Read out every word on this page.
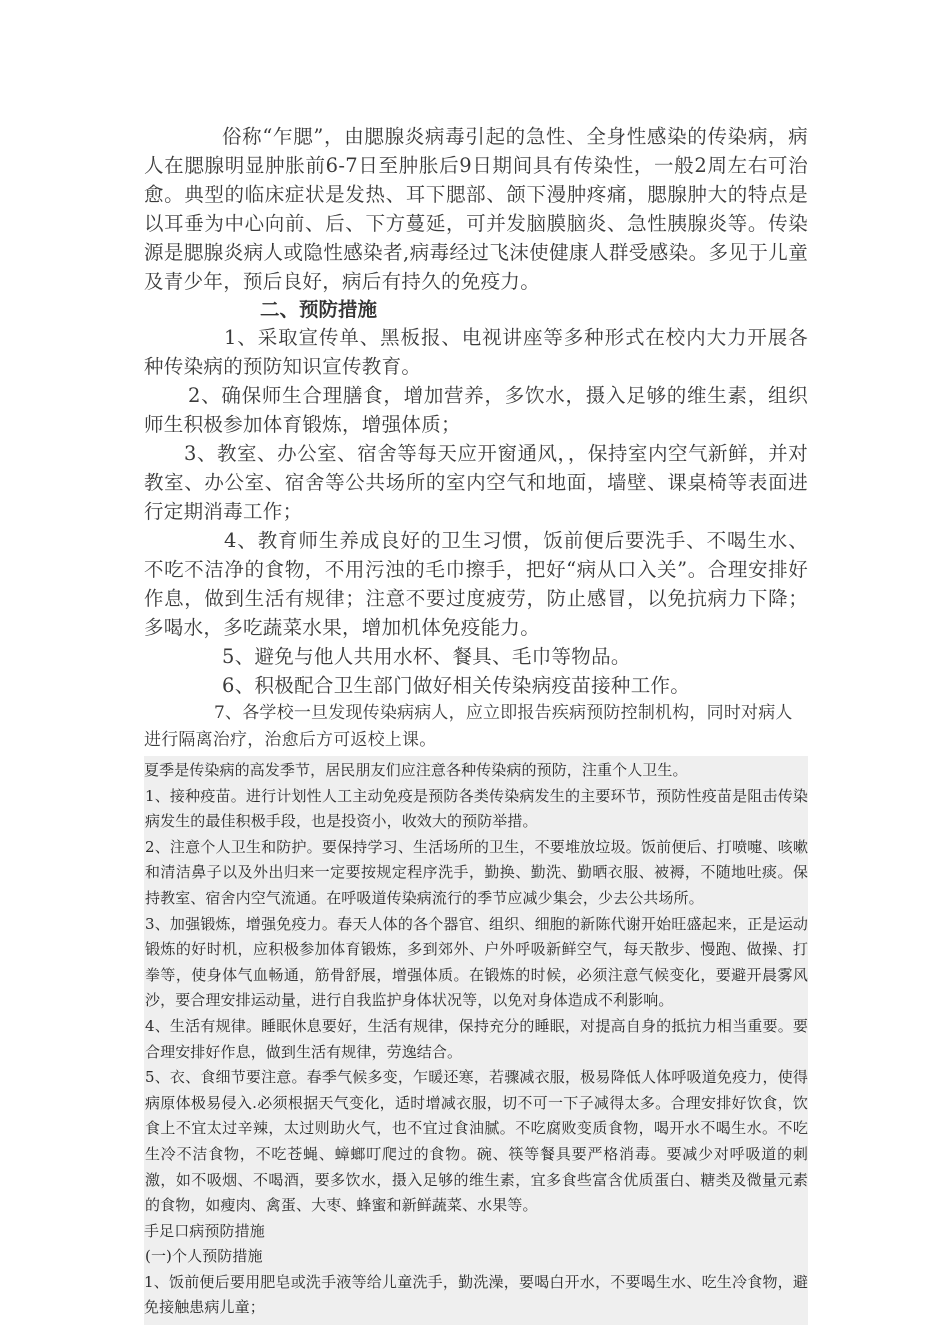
俗称“乍腮”，由腮腺炎病毒引起的急性、全身性感染的传染病，病人在腮腺明显肿胀前6-7日至肿胀后9日期间具有传染性，一般2周左右可治愈。典型的临床症状是发热、耳下腮部、颌下漫肿疼痛，腮腺肿大的特点是以耳垂为中心向前、后、下方蔓延，可并发脑膜脑炎、急性胰腺炎等。传染源是腮腺炎病人或隐性感染者,病毒经过飞沫使健康人群受感染。多见于儿童及青少年，预后良好，病后有持久的免疫力。

二、预防措施

1、采取宣传单、黑板报、电视讲座等多种形式在校内大力开展各种传染病的预防知识宣传教育。

2、确保师生合理膳食，增加营养，多饮水，摄入足够的维生素，组织师生积极参加体育锻炼，增强体质；

3、教室、办公室、宿舍等每天应开窗通风，，保持室内空气新鲜，并对教室、办公室、宿舍等公共场所的室内空气和地面，墙壁、课桌椅等表面进行定期消毒工作；

4、教育师生养成良好的卫生习惯，饭前便后要洗手、不喝生水、不吃不洁净的食物，不用污浊的毛巾擦手，把好“病从口入关”。合理安排好作息，做到生活有规律；注意不要过度疲劳，防止感冒，以免抗病力下降；多喝水，多吃蔬菜水果，增加机体免疫能力。

5、避免与他人共用水杯、餐具、毛巾等物品。

6、积极配合卫生部门做好相关传染病疫苗接种工作。

7、各学校一旦发现传染病病人，应立即报告疾病预防控制机构，同时对病人进行隔离治疗，治愈后方可返校上课。

夏季是传染病的高发季节，居民朋友们应注意各种传染病的预防，注重个人卫生。

1、接种疫苗。进行计划性人工主动免疫是预防各类传染病发生的主要环节，预防性疫苗是阻击传染病发生的最佳积极手段，也是投资小，收效大的预防举措。

2、注意个人卫生和防护。要保持学习、生活场所的卫生，不要堆放垃圾。饭前便后、打喷嚏、咳嗽和清洁鼻子以及外出归来一定要按规定程序洗手，勤换、勤洗、勤晒衣服、被褥，不随地吐痰。保持教室、宿舍内空气流通。在呼吸道传染病流行的季节应减少集会，少去公共场所。

3、加强锻炼，增强免疫力。春天人体的各个器官、组织、细胞的新陈代谢开始旺盛起来，正是运动锻炼的好时机，应积极参加体育锻炼，多到郊外、户外呼吸新鲜空气，每天散步、慢跑、做操、打拳等，使身体气血畅通，筋骨舒展，增强体质。在锻炼的时候，必须注意气候变化，要避开晨雾风沙，要合理安排运动量，进行自我监护身体状况等，以免对身体造成不利影响。

4、生活有规律。睡眠休息要好，生活有规律，保持充分的睡眠，对提高自身的抵抗力相当重要。要合理安排好作息，做到生活有规律，劳逸结合。

5、衣、食细节要注意。春季气候多变，乍暖还寒，若骤减衣服，极易降低人体呼吸道免疫力，使得病原体极易侵入.必须根据天气变化，适时增减衣服，切不可一下子减得太多。合理安排好饮食，饮食上不宜太过辛辣，太过则助火气，也不宜过食油腻。不吃腐败变质食物，喝开水不喝生水。不吃生冷不洁食物，不吃苍蝇、蟑螂叮爬过的食物。碗、筷等餐具要严格消毒。要减少对呼吸道的刺激，如不吸烟、不喝酒，要多饮水，摄入足够的维生素，宜多食些富含优质蛋白、糖类及微量元素的食物，如瘦肉、禽蛋、大枣、蜂蜜和新鲜蔬菜、水果等。

手足口病预防措施

(一)个人预防措施

1、饭前便后要用肥皂或洗手液等给儿童洗手，勤洗澡，要喝白开水，不要喝生水、吃生冷食物，避免接触患病儿童；
